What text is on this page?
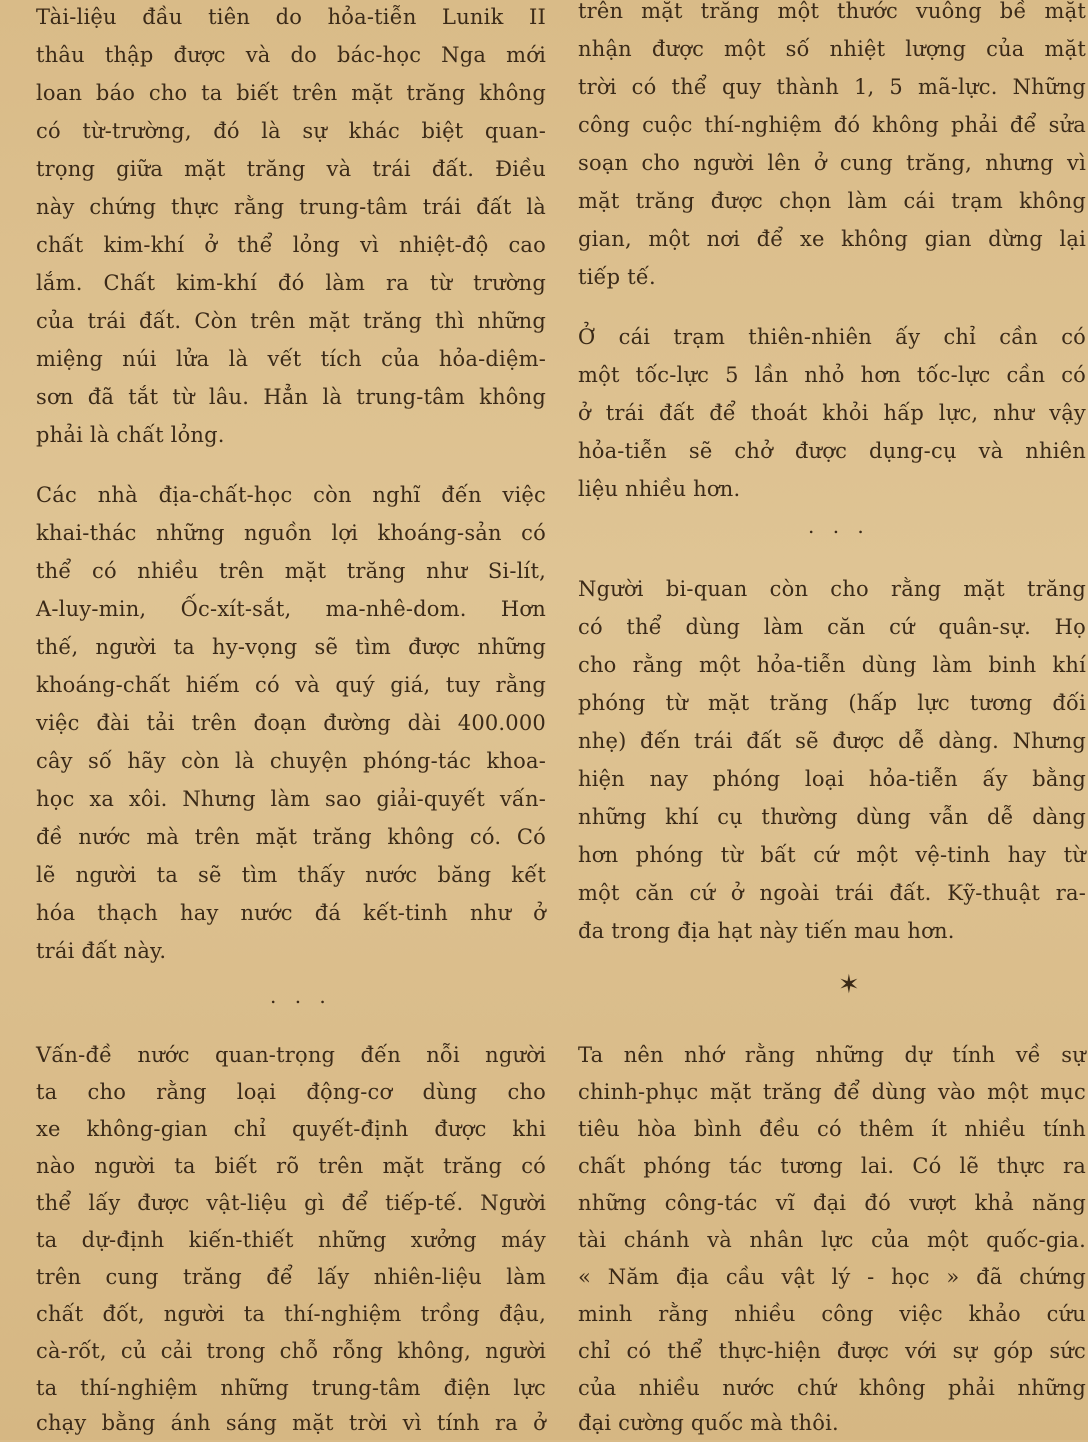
Tài-liệu đầu tiên do hỏa-tiễn Lunik II
thâu thập được và do bác-học Nga mới
loan báo cho ta biết trên mặt trăng không
có từ-trường, đó là sự khác biệt quan-
trọng giữa mặt trăng và trái đất. Điều
này chứng thực rằng trung-tâm trái đất là
chất kim-khí ở thể lỏng vì nhiệt-độ cao
lắm. Chất kim-khí đó làm ra từ trường
của trái đất. Còn trên mặt trăng thì những
miệng núi lửa là vết tích của hỏa-diệm-
sơn đã tắt từ lâu. Hẳn là trung-tâm không
phải là chất lỏng.
Các nhà địa-chất-học còn nghĩ đến việc
khai-thác những nguồn lợi khoáng-sản có
thể có nhiều trên mặt trăng như Si-lít,
A-luy-min, Ốc-xít-sắt, ma-nhê-dom. Hơn
thế, người ta hy-vọng sẽ tìm được những
khoáng-chất hiếm có và quý giá, tuy rằng
việc đài tải trên đoạn đường dài 400.000
cây số hãy còn là chuyện phóng-tác khoa-
học xa xôi. Nhưng làm sao giải-quyết vấn-
đề nước mà trên mặt trăng không có. Có
lẽ người ta sẽ tìm thấy nước băng kết
hóa thạch hay nước đá kết-tinh như ở
trái đất này.
. . .
Vấn-đề nước quan-trọng đến nỗi người
ta cho rằng loại động-cơ dùng cho
xe không-gian chỉ quyết-định được khi
nào người ta biết rõ trên mặt trăng có
thể lấy được vật-liệu gì để tiếp-tế. Người
ta dự-định kiến-thiết những xưởng máy
trên cung trăng để lấy nhiên-liệu làm
chất đốt, người ta thí-nghiệm trồng đậu,
cà-rốt, củ cải trong chỗ rỗng không, người
ta thí-nghiệm những trung-tâm điện lực
chạy bằng ánh sáng mặt trời vì tính ra ở
trên mặt trăng một thước vuông bề mặt
nhận được một số nhiệt lượng của mặt
trời có thể quy thành 1, 5 mã-lực. Những
công cuộc thí-nghiệm đó không phải để sửa
soạn cho người lên ở cung trăng, nhưng vì
mặt trăng được chọn làm cái trạm không
gian, một nơi để xe không gian dừng lại
tiếp tế.
Ở cái trạm thiên-nhiên ấy chỉ cần có
một tốc-lực 5 lần nhỏ hơn tốc-lực cần có
ở trái đất để thoát khỏi hấp lực, như vậy
hỏa-tiễn sẽ chở được dụng-cụ và nhiên
liệu nhiều hơn.
. . .
Người bi-quan còn cho rằng mặt trăng
có thể dùng làm căn cứ quân-sự. Họ
cho rằng một hỏa-tiễn dùng làm binh khí
phóng từ mặt trăng (hấp lực tương đối
nhẹ) đến trái đất sẽ được dễ dàng. Nhưng
hiện nay phóng loại hỏa-tiễn ấy bằng
những khí cụ thường dùng vẫn dễ dàng
hơn phóng từ bất cứ một vệ-tinh hay từ
một căn cứ ở ngoài trái đất. Kỹ-thuật ra-
đa trong địa hạt này tiến mau hơn.
✶
Ta nên nhớ rằng những dự tính về sự
chinh-phục mặt trăng để dùng vào một mục
tiêu hòa bình đều có thêm ít nhiều tính
chất phóng tác tương lai. Có lẽ thực ra
những công-tác vĩ đại đó vượt khả năng
tài chánh và nhân lực của một quốc-gia.
« Năm địa cầu vật lý - học » đã chứng
minh rằng nhiều công việc khảo cứu
chỉ có thể thực-hiện được với sự góp sức
của nhiều nước chứ không phải những
đại cường quốc mà thôi.
